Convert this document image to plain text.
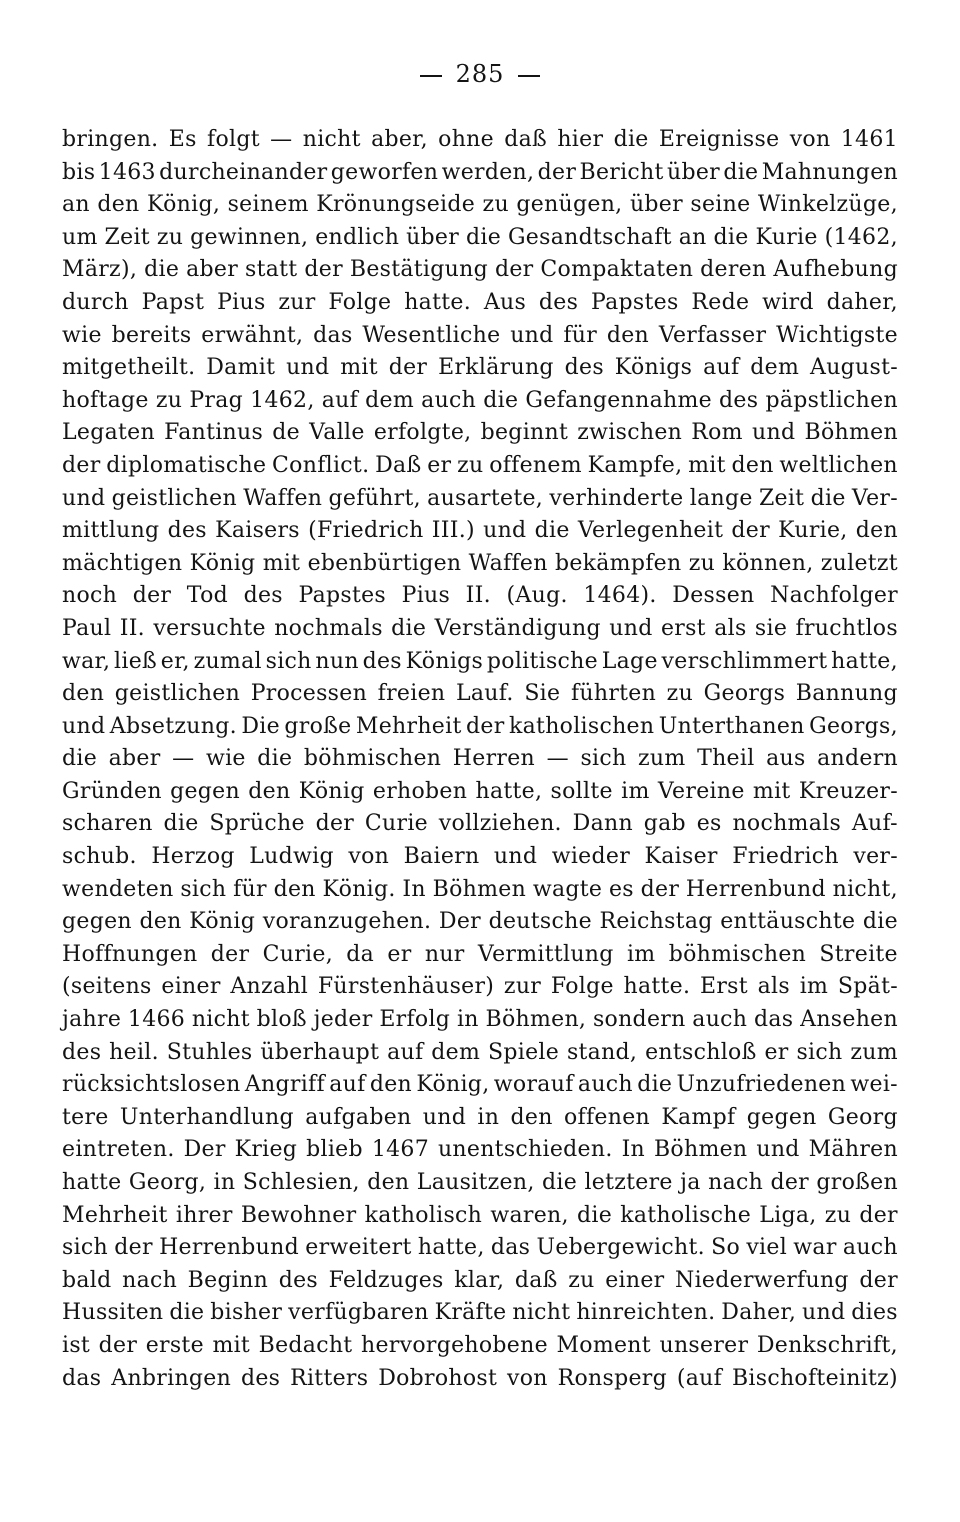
285
bringen. Es folgt — nicht aber, ohne daß hier die Ereignisse von 1461
bis 1463 durcheinander geworfen werden, der Bericht über die Mahnungen
an den König, seinem Krönungseide zu genügen, über seine Winkelzüge,
um Zeit zu gewinnen, endlich über die Gesandtschaft an die Kurie (1462,
März), die aber statt der Bestätigung der Compaktaten deren Aufhebung
durch Papst Pius zur Folge hatte. Aus des Papstes Rede wird daher,
wie bereits erwähnt, das Wesentliche und für den Verfasser Wichtigste
mitgetheilt. Damit und mit der Erklärung des Königs auf dem August-
hoftage zu Prag 1462, auf dem auch die Gefangennahme des päpstlichen
Legaten Fantinus de Valle erfolgte, beginnt zwischen Rom und Böhmen
der diplomatische Conflict. Daß er zu offenem Kampfe, mit den weltlichen
und geistlichen Waffen geführt, ausartete, verhinderte lange Zeit die Ver-
mittlung des Kaisers (Friedrich III.) und die Verlegenheit der Kurie, den
mächtigen König mit ebenbürtigen Waffen bekämpfen zu können, zuletzt
noch der Tod des Papstes Pius II. (Aug. 1464). Dessen Nachfolger
Paul II. versuchte nochmals die Verständigung und erst als sie fruchtlos
war, ließ er, zumal sich nun des Königs politische Lage verschlimmert hatte,
den geistlichen Processen freien Lauf. Sie führten zu Georgs Bannung
und Absetzung. Die große Mehrheit der katholischen Unterthanen Georgs,
die aber — wie die böhmischen Herren — sich zum Theil aus andern
Gründen gegen den König erhoben hatte, sollte im Vereine mit Kreuzer-
scharen die Sprüche der Curie vollziehen. Dann gab es nochmals Auf-
schub. Herzog Ludwig von Baiern und wieder Kaiser Friedrich ver-
wendeten sich für den König. In Böhmen wagte es der Herrenbund nicht,
gegen den König voranzugehen. Der deutsche Reichstag enttäuschte die
Hoffnungen der Curie, da er nur Vermittlung im böhmischen Streite
(seitens einer Anzahl Fürstenhäuser) zur Folge hatte. Erst als im Spät-
jahre 1466 nicht bloß jeder Erfolg in Böhmen, sondern auch das Ansehen
des heil. Stuhles überhaupt auf dem Spiele stand, entschloß er sich zum
rücksichtslosen Angriff auf den König, worauf auch die Unzufriedenen wei-
tere Unterhandlung aufgaben und in den offenen Kampf gegen Georg
eintreten. Der Krieg blieb 1467 unentschieden. In Böhmen und Mähren
hatte Georg, in Schlesien, den Lausitzen, die letztere ja nach der großen
Mehrheit ihrer Bewohner katholisch waren, die katholische Liga, zu der
sich der Herrenbund erweitert hatte, das Uebergewicht. So viel war auch
bald nach Beginn des Feldzuges klar, daß zu einer Niederwerfung der
Hussiten die bisher verfügbaren Kräfte nicht hinreichten. Daher, und dies
ist der erste mit Bedacht hervorgehobene Moment unserer Denkschrift,
das Anbringen des Ritters Dobrohost von Ronsperg (auf Bischofteinitz)
